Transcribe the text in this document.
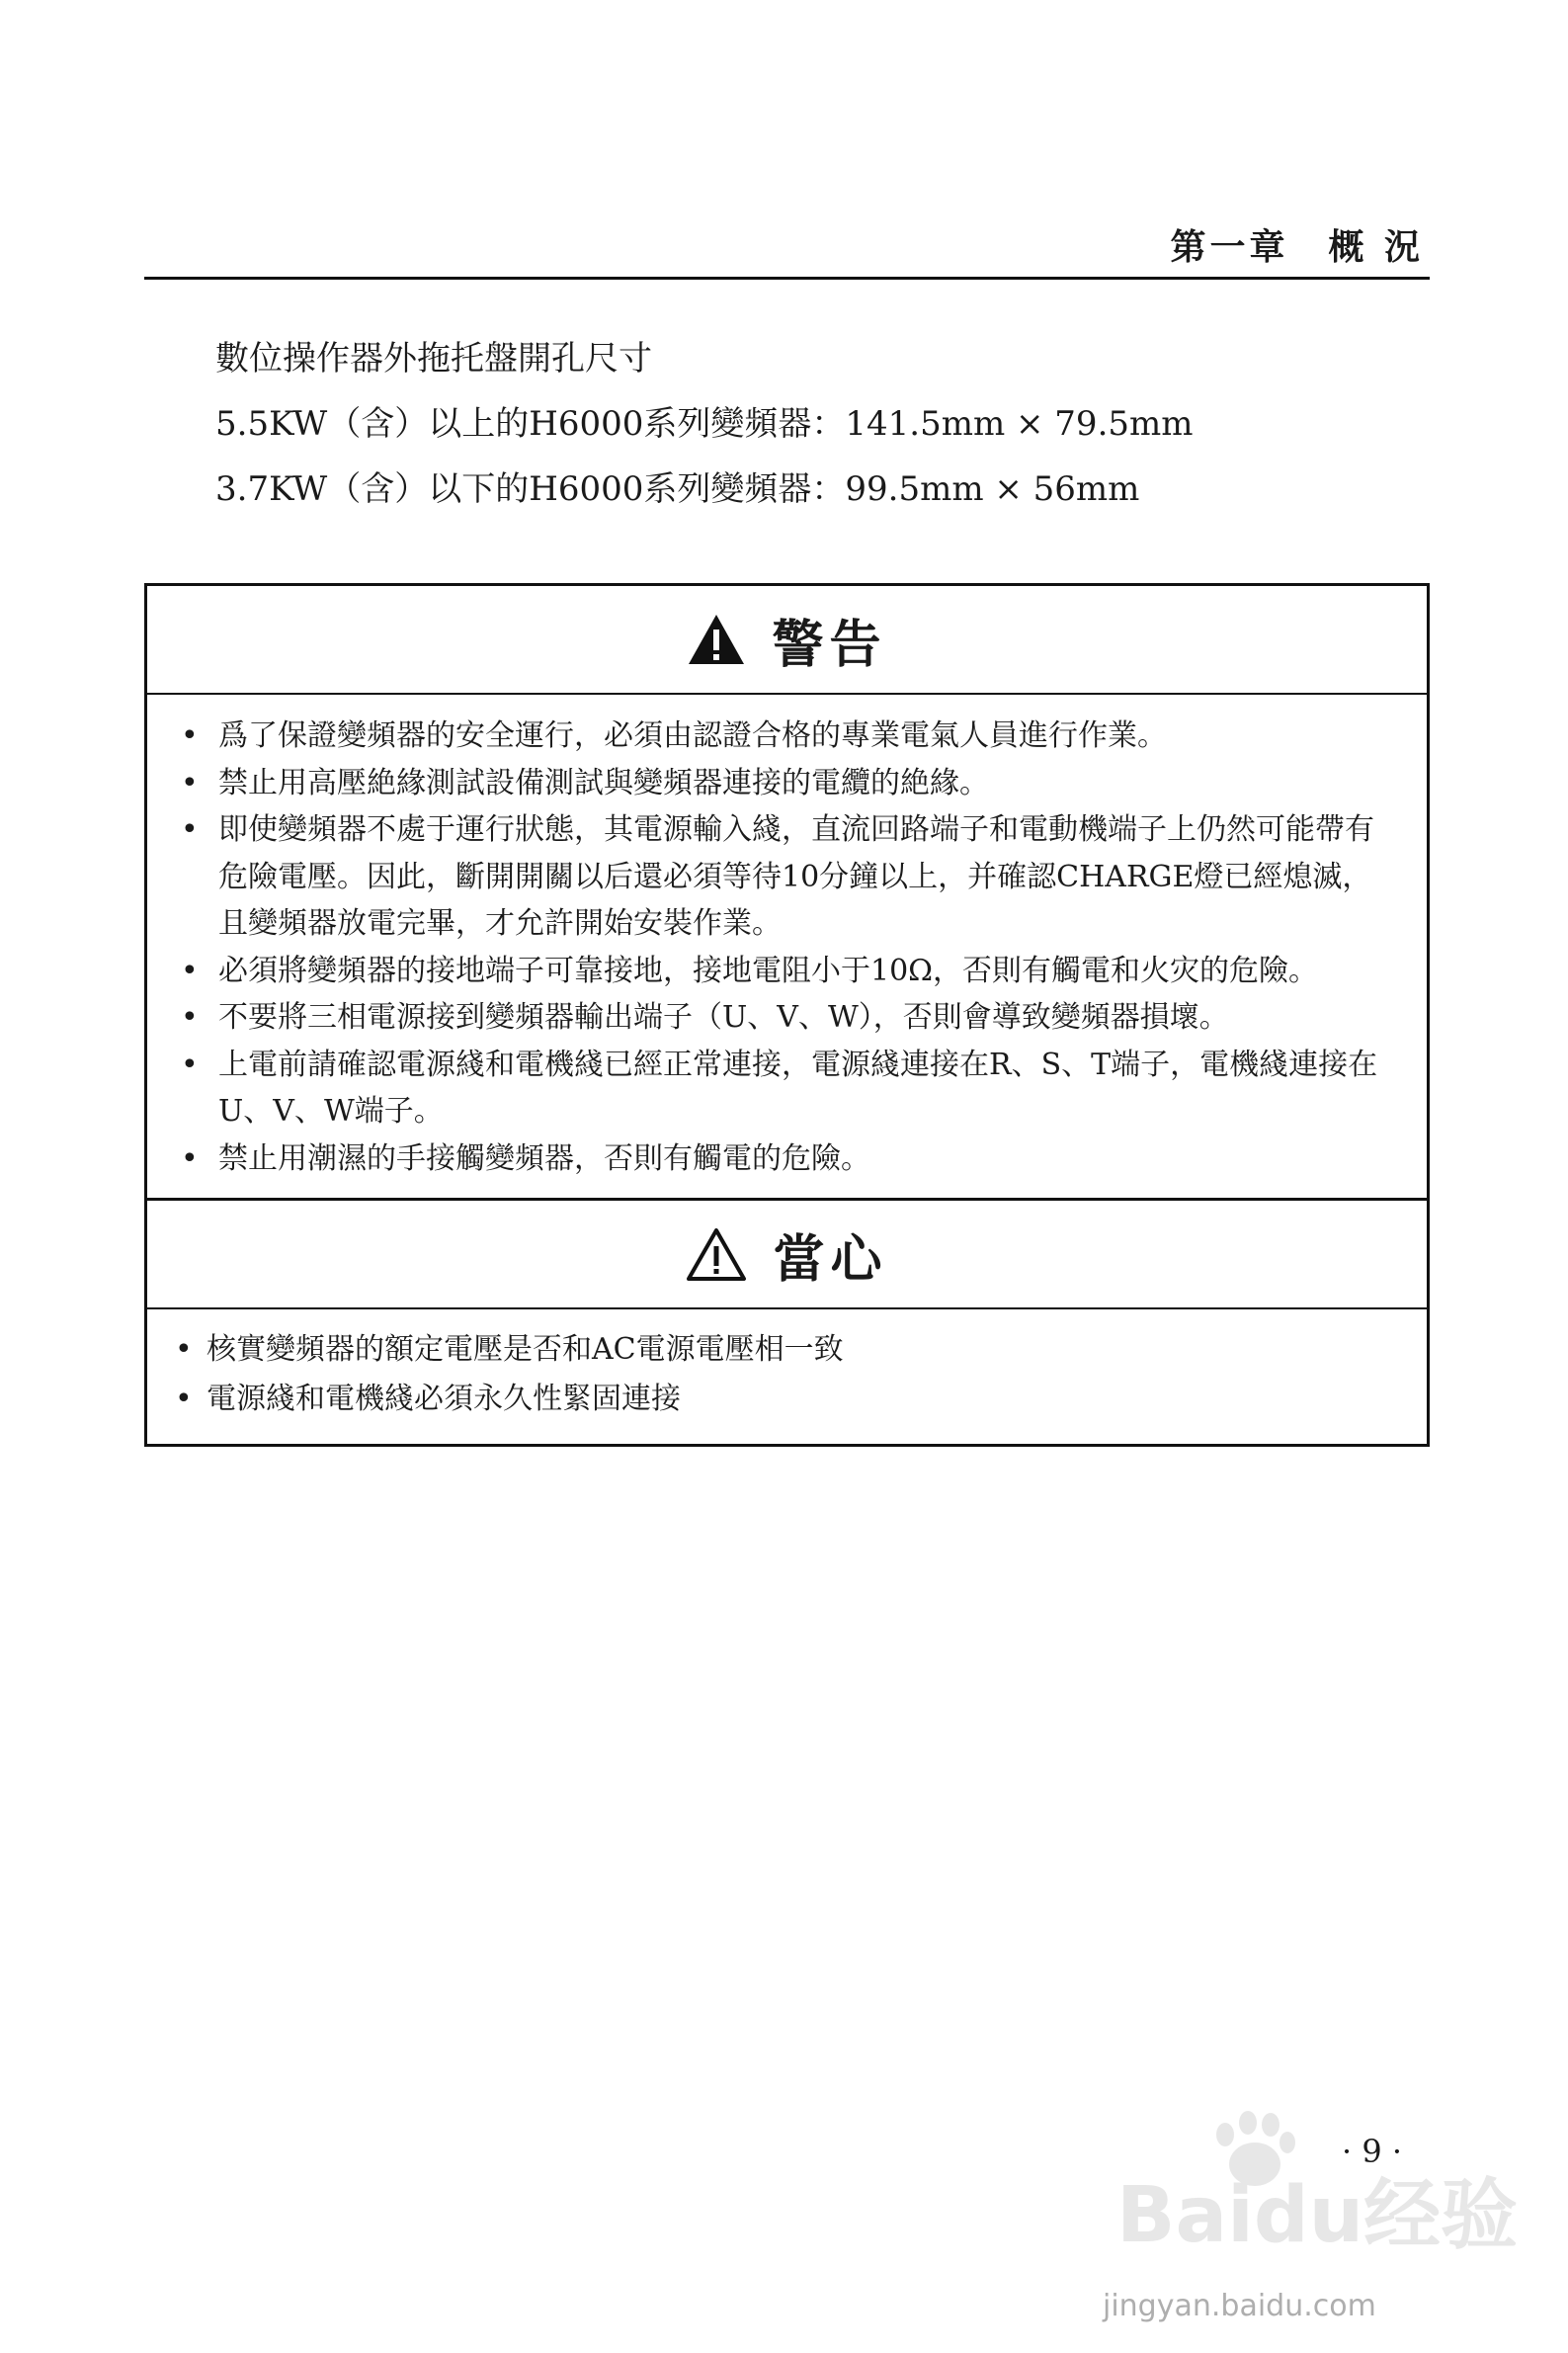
第一章　概 況

數位操作器外拖托盤開孔尺寸

5.5KW（含）以上的H6000系列變頻器：141.5mm × 79.5mm

3.7KW（含）以下的H6000系列變頻器：99.5mm × 56mm

警告
• 爲了保證變頻器的安全運行，必須由認證合格的專業電氣人員進行作業。
• 禁止用高壓絶緣測試設備測試與變頻器連接的電纜的絶緣。
• 即使變頻器不處于運行狀態，其電源輸入綫，直流回路端子和電動機端子上仍然可能帶有危險電壓。因此，斷開開關以后還必須等待10分鐘以上，并確認CHARGE燈已經熄滅，且變頻器放電完畢，才允許開始安裝作業。
• 必須將變頻器的接地端子可靠接地，接地電阻小于10Ω，否則有觸電和火灾的危險。
• 不要將三相電源接到變頻器輸出端子（U、V、W），否則會導致變頻器損壞。
• 上電前請確認電源綫和電機綫已經正常連接，電源綫連接在R、S、T端子，電機綫連接在U、V、W端子。
• 禁止用潮濕的手接觸變頻器，否則有觸電的危險。
當心
• 核實變頻器的額定電壓是否和AC電源電壓相一致
• 電源綫和電機綫必須永久性緊固連接
Baidu经验

jingyan.baidu.com

· 9 ·
